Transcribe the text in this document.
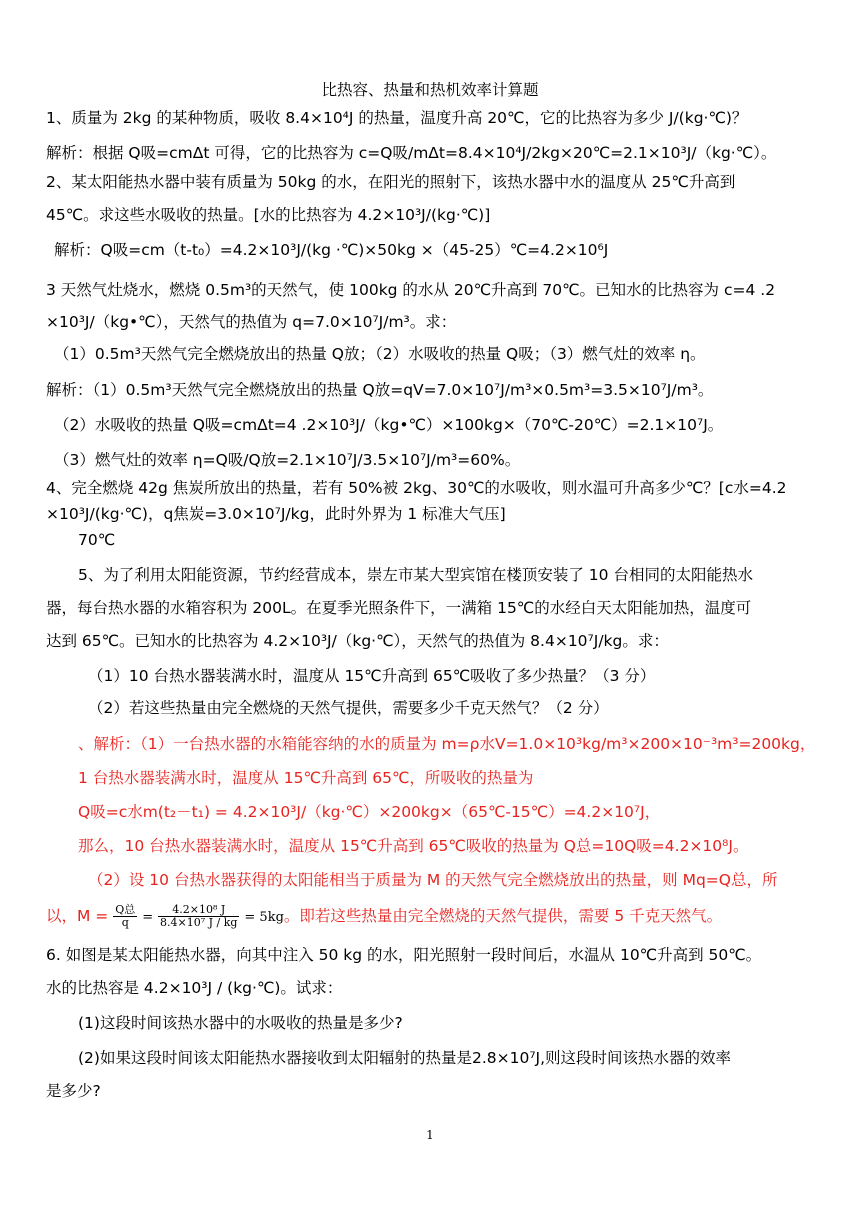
比热容、热量和热机效率计算题
1、质量为 2kg 的某种物质，吸收 8.4×10⁴J 的热量，温度升高 20℃，它的比热容为多少 J/(kg·℃)？
解析：根据 Q吸=cmΔt 可得，它的比热容为 c=Q吸/mΔt=8.4×10⁴J/2kg×20℃=2.1×10³J/（kg·℃）。
2、某太阳能热水器中装有质量为 50kg 的水，在阳光的照射下，该热水器中水的温度从 25℃升高到
45℃。求这些水吸收的热量。[水的比热容为 4.2×10³J/(kg·℃)]
解析：Q吸=cm（t-t₀）=4.2×10³J/(kg ·℃)×50kg ×（45-25）℃=4.2×10⁶J
3 天然气灶烧水，燃烧 0.5m³的天然气，使 100kg 的水从 20℃升高到 70℃。已知水的比热容为 c=4 .2
×10³J/（kg•℃），天然气的热值为 q=7.0×10⁷J/m³。求：
（1）0.5m³天然气完全燃烧放出的热量 Q放；（2）水吸收的热量 Q吸；（3）燃气灶的效率 η。
解析：（1）0.5m³天然气完全燃烧放出的热量 Q放=qV=7.0×10⁷J/m³×0.5m³=3.5×10⁷J/m³。
（2）水吸收的热量 Q吸=cmΔt=4 .2×10³J/（kg•℃）×100kg×（70℃-20℃）=2.1×10⁷J。
（3）燃气灶的效率 η=Q吸/Q放=2.1×10⁷J/3.5×10⁷J/m³=60%。
4、完全燃烧 42g 焦炭所放出的热量，若有 50%被 2kg、30℃的水吸收，则水温可升高多少℃？[c水=4.2
×10³J/(kg·℃)，q焦炭=3.0×10⁷J/kg，此时外界为 1 标准大气压]
70℃
5、为了利用太阳能资源，节约经营成本，崇左市某大型宾馆在楼顶安装了 10 台相同的太阳能热水
器，每台热水器的水箱容积为 200L。在夏季光照条件下，一满箱 15℃的水经白天太阳能加热，温度可
达到 65℃。已知水的比热容为 4.2×10³J/（kg·℃），天然气的热值为 8.4×10⁷J/kg。求：
（1）10 台热水器装满水时，温度从 15℃升高到 65℃吸收了多少热量？（3 分）
（2）若这些热量由完全燃烧的天然气提供，需要多少千克天然气？（2 分）
、解析：（1）一台热水器的水箱能容纳的水的质量为 m=ρ水V=1.0×10³kg/m³×200×10⁻³m³=200kg，
1 台热水器装满水时，温度从 15℃升高到 65℃，所吸收的热量为
Q吸=c水m(t₂－t₁) = 4.2×10³J/（kg·℃）×200kg×（65℃-15℃）=4.2×10⁷J，
那么，10 台热水器装满水时，温度从 15℃升高到 65℃吸收的热量为 Q总=10Q吸=4.2×10⁸J。
（2）设 10 台热水器获得的太阳能相当于质量为 M 的天然气完全燃烧放出的热量，则 Mq=Q总，所
以，$M = \frac{\text{Q总}}{q} = \frac{\text{4.2×10⁸ J}}{\text{8.4×10⁷ J / kg}} = 5kg$。即若这些热量由完全燃烧的天然气提供，需要 5 千克天然气。
6. 如图是某太阳能热水器，向其中注入 50 kg 的水，阳光照射一段时间后，水温从 10℃升高到 50℃。
水的比热容是 4.2×10³J / (kg·℃)。试求：
(1)这段时间该热水器中的水吸收的热量是多少?
(2)如果这段时间该太阳能热水器接收到太阳辐射的热量是2.8×10⁷J,则这段时间该热水器的效率
是多少?
1
